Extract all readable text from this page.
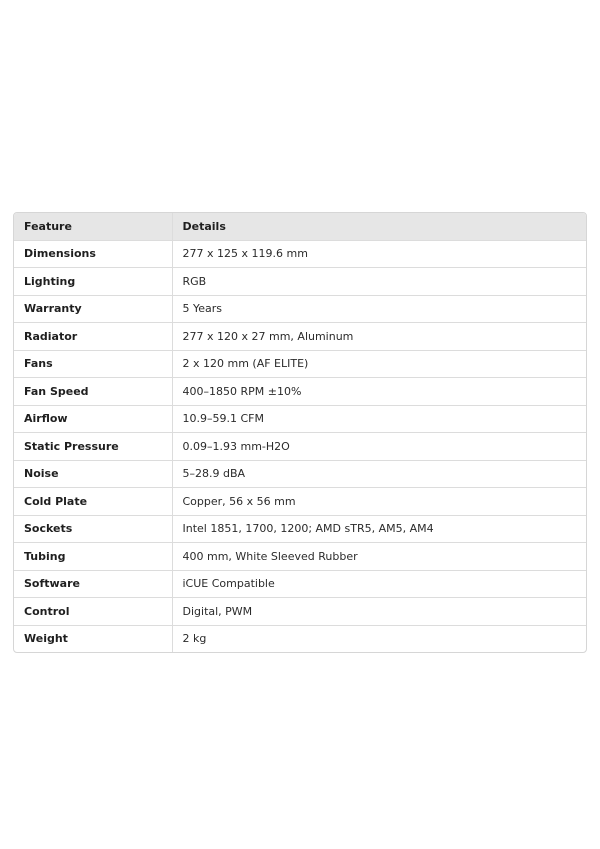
Feature	Details
Dimensions	277 x 125 x 119.6 mm
Lighting	RGB
Warranty	5 Years
Radiator	277 x 120 x 27 mm, Aluminum
Fans	2 x 120 mm (AF ELITE)
Fan Speed	400–1850 RPM ±10%
Airflow	10.9–59.1 CFM
Static Pressure	0.09–1.93 mm-H2O
Noise	5–28.9 dBA
Cold Plate	Copper, 56 x 56 mm
Sockets	Intel 1851, 1700, 1200; AMD sTR5, AM5, AM4
Tubing	400 mm, White Sleeved Rubber
Software	iCUE Compatible
Control	Digital, PWM
Weight	2 kg
